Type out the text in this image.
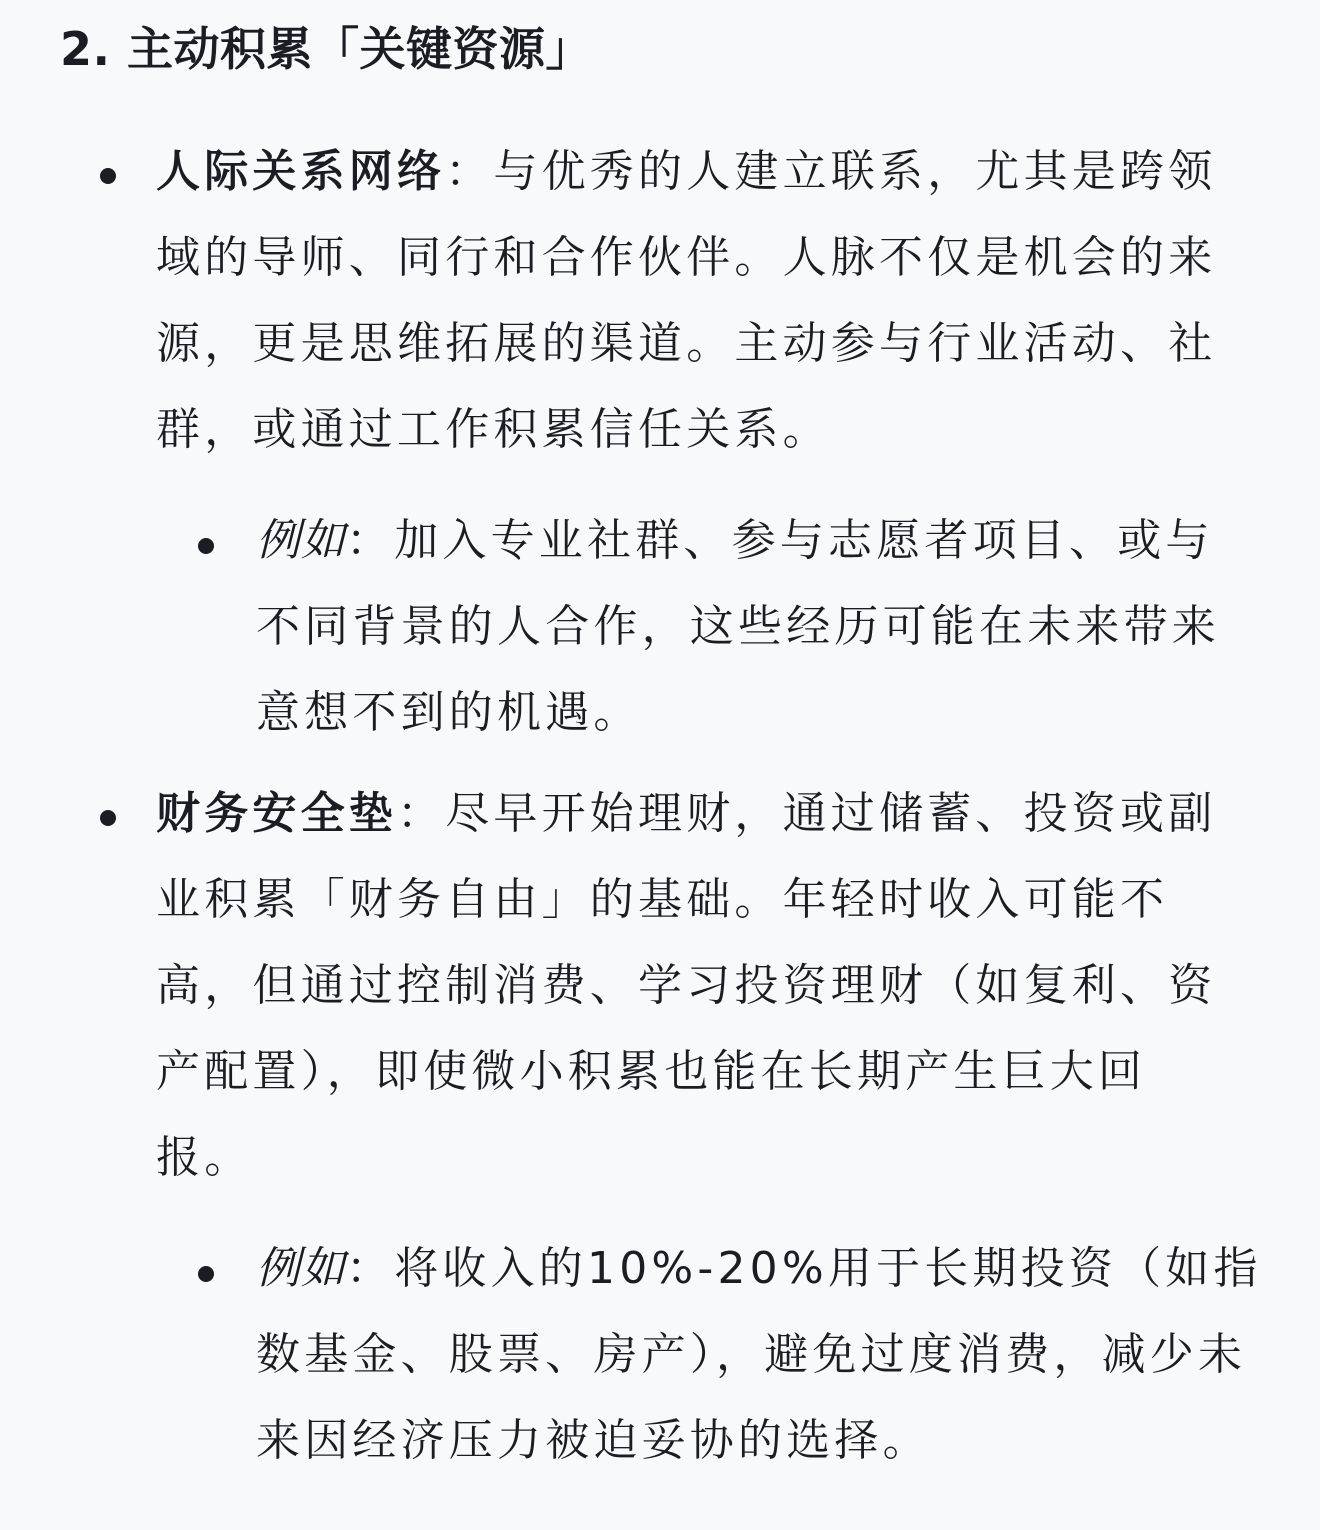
2. 主动积累「关键资源」

人际关系网络：与优秀的人建立联系，尤其是跨领域的导师、同行和合作伙伴。人脉不仅是机会的来源，更是思维拓展的渠道。主动参与行业活动、社群，或通过工作积累信任关系。

例如：加入专业社群、参与志愿者项目、或与不同背景的人合作，这些经历可能在未来带来意想不到的机遇。

财务安全垫：尽早开始理财，通过储蓄、投资或副业积累「财务自由」的基础。年轻时收入可能不高，但通过控制消费、学习投资理财（如复利、资产配置），即使微小积累也能在长期产生巨大回报。

例如：将收入的10%-20%用于长期投资（如指数基金、股票、房产），避免过度消费，减少未来因经济压力被迫妥协的选择。
